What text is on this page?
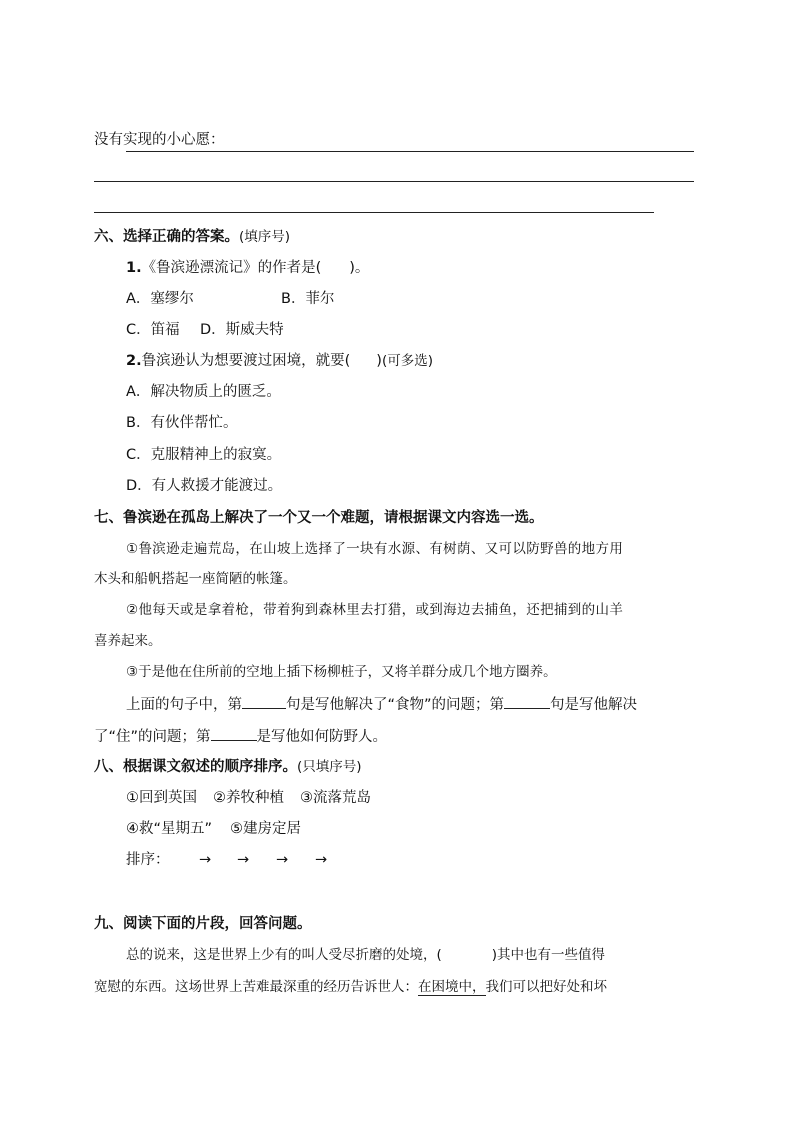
没有实现的小心愿：
六、选择正确的答案。(填序号)
1.《鲁滨逊漂流记》的作者是( )。
A．塞缪尔	B．菲尔
C．笛福 D．斯威夫特
2.鲁滨逊认为想要渡过困境，就要( )(可多选)
A．解决物质上的匮乏。
B．有伙伴帮忙。
C．克服精神上的寂寞。
D．有人救援才能渡过。
七、鲁滨逊在孤岛上解决了一个又一个难题，请根据课文内容选一选。
①鲁滨逊走遍荒岛，在山坡上选择了一块有水源、有树荫、又可以防野兽的地方用
木头和船帆搭起一座简陋的帐篷。
②他每天或是拿着枪，带着狗到森林里去打猎，或到海边去捕鱼，还把捕到的山羊
喜养起来。
③于是他在住所前的空地上插下杨柳桩子，又将羊群分成几个地方圈养。
上面的句子中，第	句是写他解决了“食物”的问题；第	句是写他解决
了“住”的问题；第	是写他如何防野人。
八、根据课文叙述的顺序排序。(只填序号)
①回到英国 ②养牧种植 ③流落荒岛
④救“星期五” ⑤建房定居
排序： → → → →
九、阅读下面的片段，回答问题。
总的说来，这是世界上少有的叫人受尽折磨的处境，(	)其中也有一些值得
宽慰的东西。这场世界上苦难最深重的经历告诉世人：在困境中，我们可以把好处和坏
